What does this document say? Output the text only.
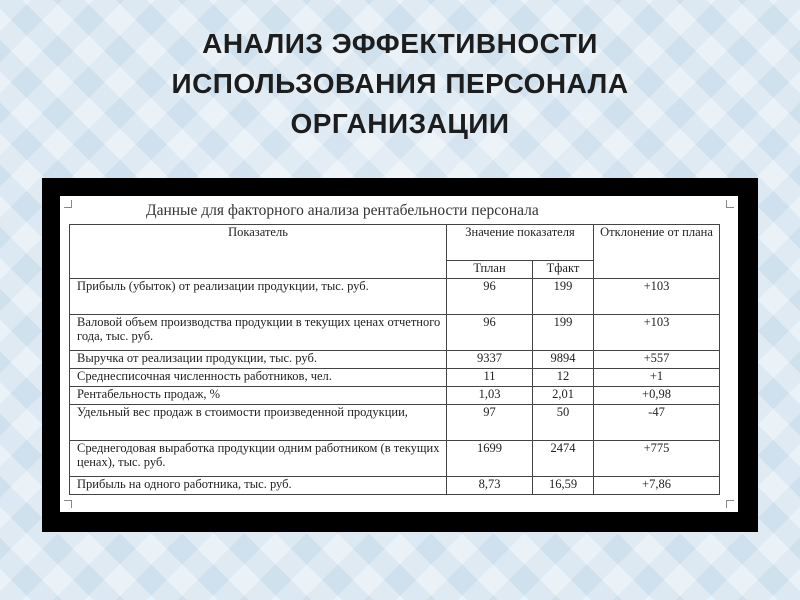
АНАЛИЗ ЭФФЕКТИВНОСТИ
ИСПОЛЬЗОВАНИЯ ПЕРСОНАЛА
ОРГАНИЗАЦИИ
Данные для факторного анализа рентабельности персонала
Показатель	Значение показателя		Отклонение от плана
	Тплан	Тфакт	
Прибыль (убыток) от реализации продукции, тыс. руб.	96	199	+103
Валовой объем производства продукции в текущих ценах отчетного года, тыс. руб.	96	199	+103
Выручка от реализации продукции, тыс. руб.	9337	9894	+557
Среднесписочная численность работников, чел.	11	12	+1
Рентабельность продаж, %	1,03	2,01	+0,98
Удельный вес продаж в стоимости произведенной продукции,	97	50	-47
Среднегодовая выработка продукции одним работником (в текущих ценах), тыс. руб.	1699	2474	+775
Прибыль на одного работника, тыс. руб.	8,73	16,59	+7,86
